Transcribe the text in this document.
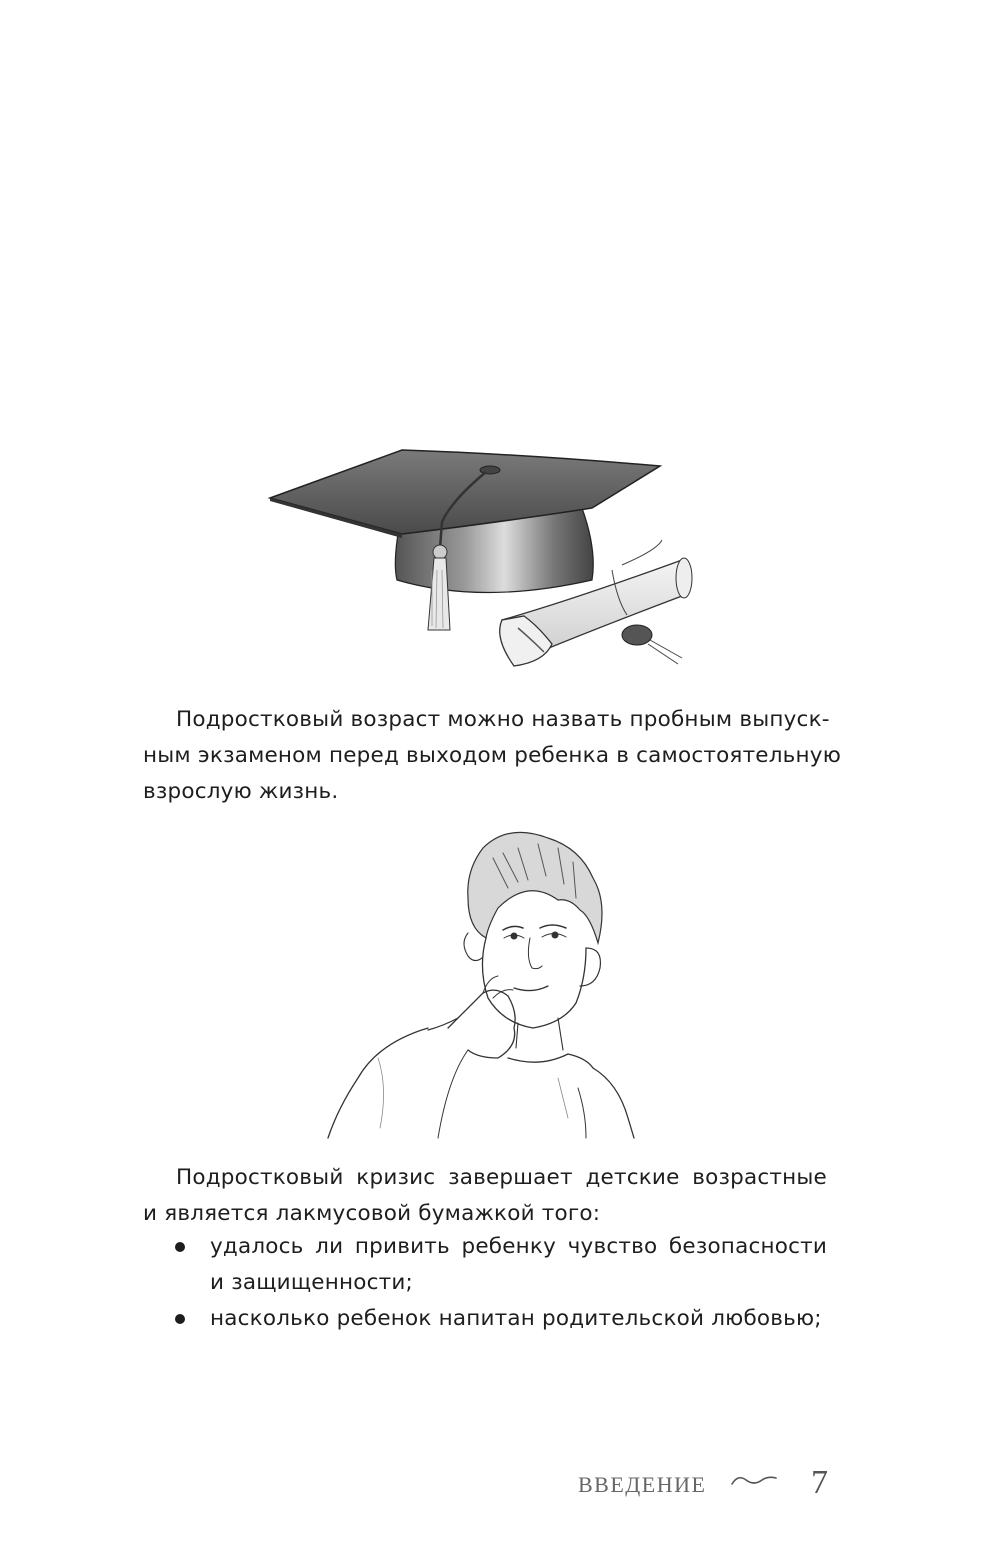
Подростковый возраст можно назвать пробным выпуск-
ным экзаменом перед выходом ребенка в самостоятельную
взрослую жизнь.

Подростковый кризис завершает детские возрастные
и является лакмусовой бумажкой того:

удалось ли привить ребенку чувство безопасности
и защищенности;
насколько ребенок напитан родительской любовью;
ВВЕДЕНИЕ	7
